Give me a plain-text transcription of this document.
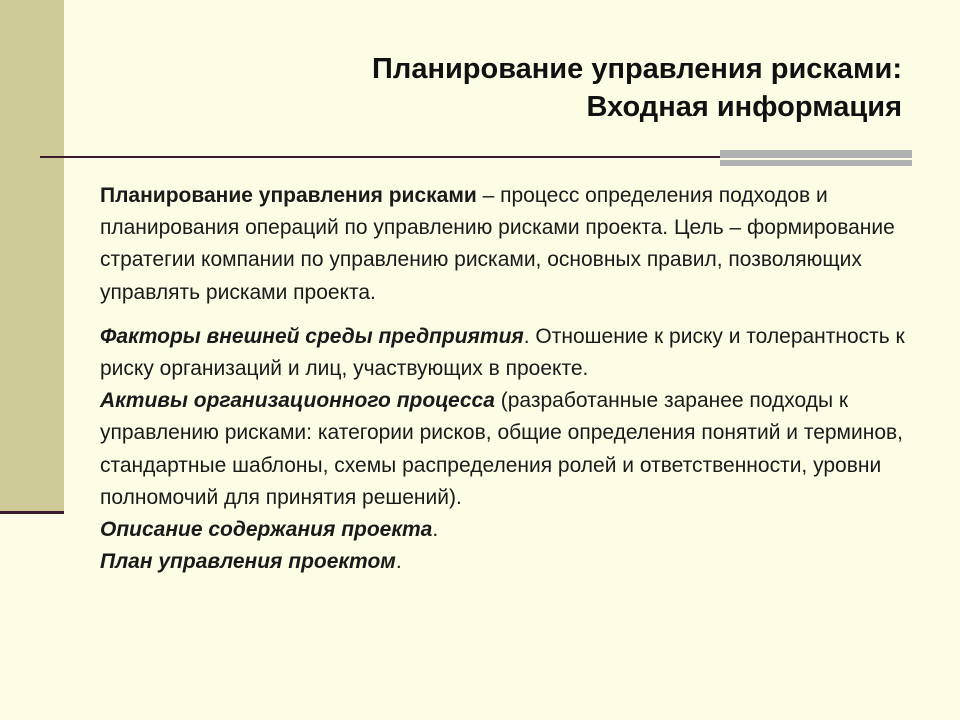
Планирование управления рисками:
Входная информация

Планирование управления рисками – процесс определения подходов и планирования операций по управлению рисками проекта. Цель – формирование стратегии компании по управлению рисками, основных правил, позволяющих управлять рисками проекта.

Факторы внешней среды предприятия. Отношение к риску и толерантность к риску организаций и лиц, участвующих в проекте.

Активы организационного процесса (разработанные заранее подходы к управлению рисками: категории рисков, общие определения понятий и терминов, стандартные шаблоны, схемы распределения ролей и ответственности, уровни полномочий для принятия решений).

Описание содержания проекта.

План управления проектом.
